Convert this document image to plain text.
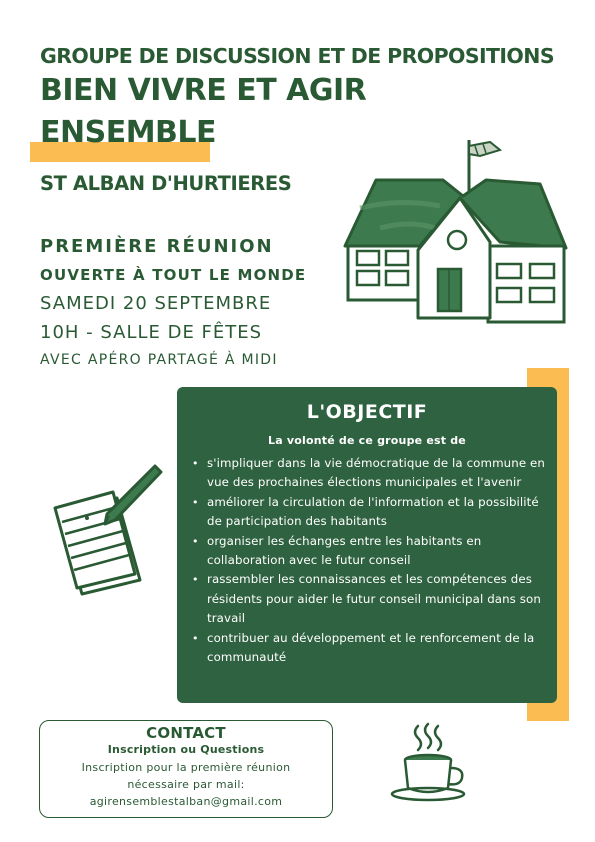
GROUPE DE DISCUSSION ET DE PROPOSITIONS
BIEN VIVRE ET AGIR
ENSEMBLE
ST ALBAN D'HURTIERES
PREMIÈRE RÉUNION
OUVERTE À TOUT LE MONDE
SAMEDI 20 SEPTEMBRE
10H - SALLE DE FÊTES
AVEC APÉRO PARTAGÉ À MIDI
L'OBJECTIF
La volonté de ce groupe est de
• s'impliquer dans la vie démocratique de la commune en vue des prochaines élections municipales et l'avenir
• améliorer la circulation de l'information et la possibilité de participation des habitants
• organiser les échanges entre les habitants en collaboration avec le futur conseil
• rassembler les connaissances et les compétences des résidents pour aider le futur conseil municipal dans son travail
• contribuer au développement et le renforcement de la communauté
CONTACT
Inscription ou Questions
Inscription pour la première réunion
nécessaire par mail:
agirensemblestalban@gmail.com
